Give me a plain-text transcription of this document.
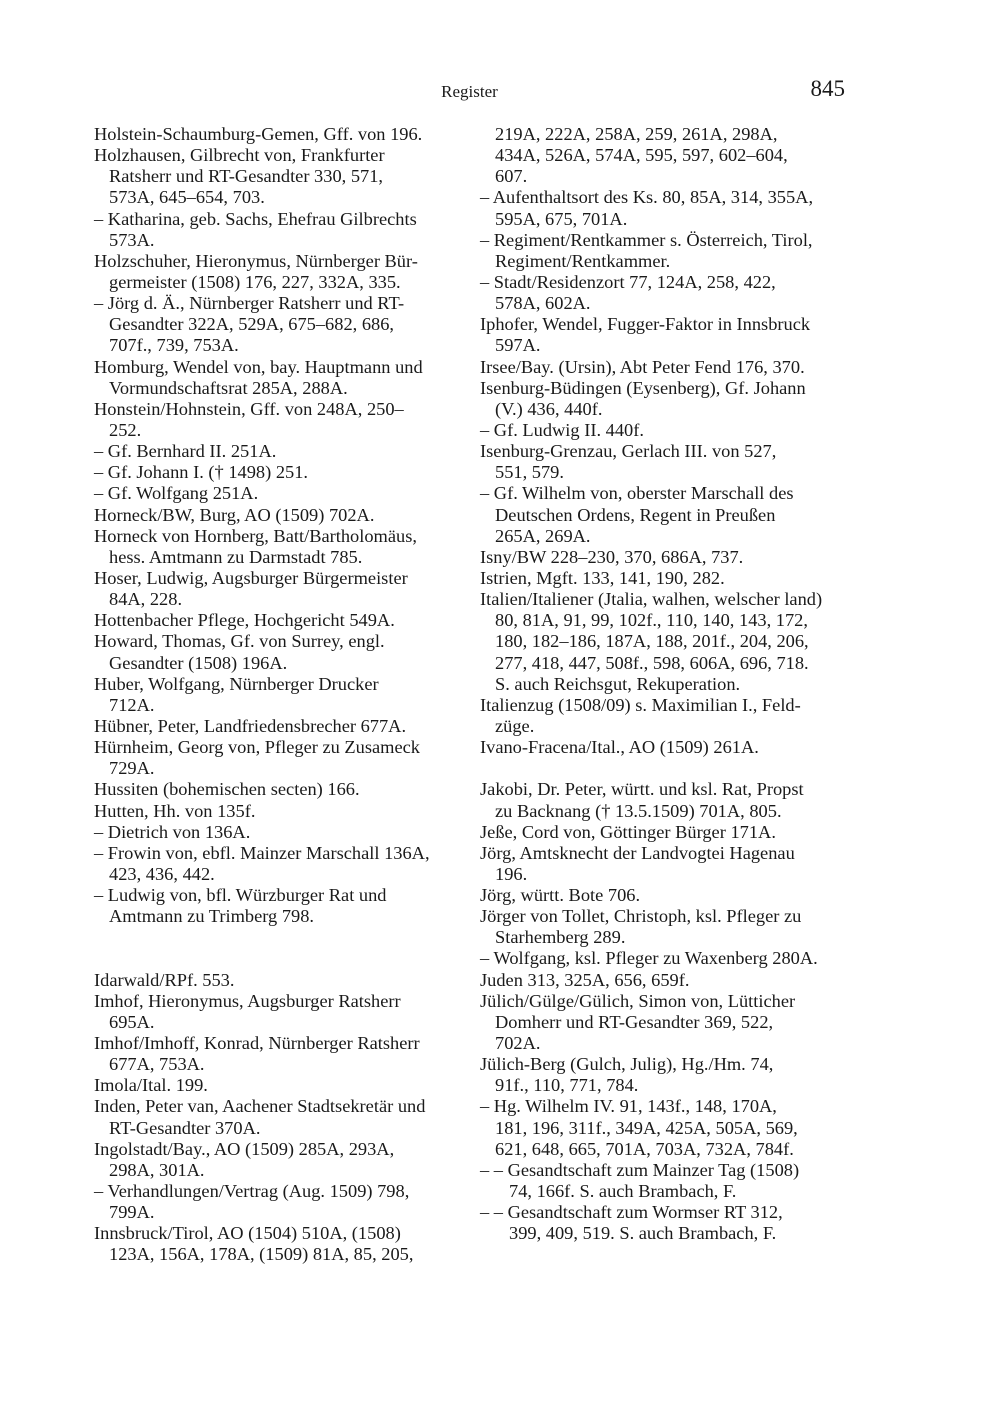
Register	845
Holstein-Schaumburg-Gemen, Gff. von 196.
Holzhausen, Gilbrecht von, Frankfurter
Ratsherr und RT-Gesandter 330, 571,
573A, 645–654, 703.
– Katharina, geb. Sachs, Ehefrau Gilbrechts
573A.
Holzschuher, Hieronymus, Nürnberger Bür-
germeister (1508) 176, 227, 332A, 335.
– Jörg d. Ä., Nürnberger Ratsherr und RT-
Gesandter 322A, 529A, 675–682, 686,
707f., 739, 753A.
Homburg, Wendel von, bay. Hauptmann und
Vormundschaftsrat 285A, 288A.
Honstein/Hohnstein, Gff. von 248A, 250–
252.
– Gf. Bernhard II. 251A.
– Gf. Johann I. († 1498) 251.
– Gf. Wolfgang 251A.
Horneck/BW, Burg, AO (1509) 702A.
Horneck von Hornberg, Batt/Bartholomäus,
hess. Amtmann zu Darmstadt 785.
Hoser, Ludwig, Augsburger Bürgermeister
84A, 228.
Hottenbacher Pflege, Hochgericht 549A.
Howard, Thomas, Gf. von Surrey, engl.
Gesandter (1508) 196A.
Huber, Wolfgang, Nürnberger Drucker
712A.
Hübner, Peter, Landfriedensbrecher 677A.
Hürnheim, Georg von, Pfleger zu Zusameck
729A.
Hussiten (bohemischen secten) 166.
Hutten, Hh. von 135f.
– Dietrich von 136A.
– Frowin von, ebfl. Mainzer Marschall 136A,
423, 436, 442.
– Ludwig von, bfl. Würzburger Rat und
Amtmann zu Trimberg 798.
Idarwald/RPf. 553.
Imhof, Hieronymus, Augsburger Ratsherr
695A.
Imhof/Imhoff, Konrad, Nürnberger Ratsherr
677A, 753A.
Imola/Ital. 199.
Inden, Peter van, Aachener Stadtsekretär und
RT-Gesandter 370A.
Ingolstadt/Bay., AO (1509) 285A, 293A,
298A, 301A.
– Verhandlungen/Vertrag (Aug. 1509) 798,
799A.
Innsbruck/Tirol, AO (1504) 510A, (1508)
123A, 156A, 178A, (1509) 81A, 85, 205,
219A, 222A, 258A, 259, 261A, 298A,
434A, 526A, 574A, 595, 597, 602–604,
607.
– Aufenthaltsort des Ks. 80, 85A, 314, 355A,
595A, 675, 701A.
– Regiment/Rentkammer s. Österreich, Tirol,
Regiment/Rentkammer.
– Stadt/Residenzort 77, 124A, 258, 422,
578A, 602A.
Iphofer, Wendel, Fugger-Faktor in Innsbruck
597A.
Irsee/Bay. (Ursin), Abt Peter Fend 176, 370.
Isenburg-Büdingen (Eysenberg), Gf. Johann
(V.) 436, 440f.
– Gf. Ludwig II. 440f.
Isenburg-Grenzau, Gerlach III. von 527,
551, 579.
– Gf. Wilhelm von, oberster Marschall des
Deutschen Ordens, Regent in Preußen
265A, 269A.
Isny/BW 228–230, 370, 686A, 737.
Istrien, Mgft. 133, 141, 190, 282.
Italien/Italiener (Jtalia, walhen, welscher land)
80, 81A, 91, 99, 102f., 110, 140, 143, 172,
180, 182–186, 187A, 188, 201f., 204, 206,
277, 418, 447, 508f., 598, 606A, 696, 718.
S. auch Reichsgut, Rekuperation.
Italienzug (1508/09) s. Maximilian I., Feld-
züge.
Ivano-Fracena/Ital., AO (1509) 261A.
Jakobi, Dr. Peter, württ. und ksl. Rat, Propst
zu Backnang († 13.5.1509) 701A, 805.
Jeße, Cord von, Göttinger Bürger 171A.
Jörg, Amtsknecht der Landvogtei Hagenau
196.
Jörg, württ. Bote 706.
Jörger von Tollet, Christoph, ksl. Pfleger zu
Starhemberg 289.
– Wolfgang, ksl. Pfleger zu Waxenberg 280A.
Juden 313, 325A, 656, 659f.
Jülich/Gülge/Gülich, Simon von, Lütticher
Domherr und RT-Gesandter 369, 522,
702A.
Jülich-Berg (Gulch, Julig), Hg./Hm. 74,
91f., 110, 771, 784.
– Hg. Wilhelm IV. 91, 143f., 148, 170A,
181, 196, 311f., 349A, 425A, 505A, 569,
621, 648, 665, 701A, 703A, 732A, 784f.
– – Gesandtschaft zum Mainzer Tag (1508)
74, 166f. S. auch Brambach, F.
– – Gesandtschaft zum Wormser RT 312,
399, 409, 519. S. auch Brambach, F.
